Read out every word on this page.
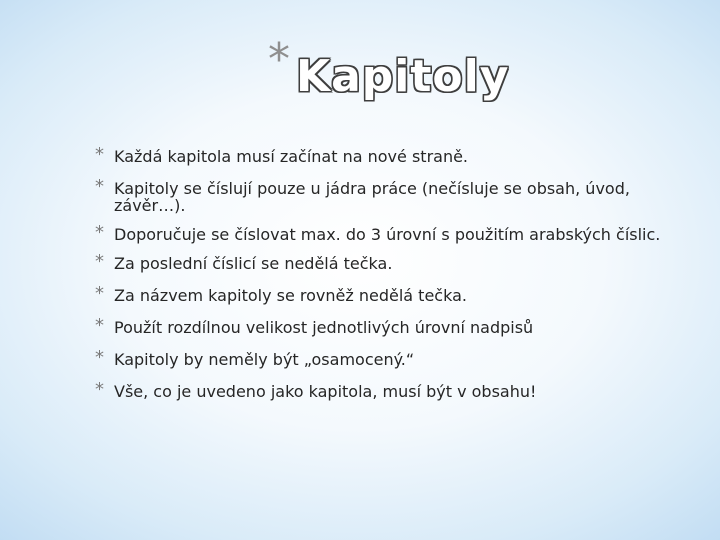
* Kapitoly
* Každá kapitola musí začínat na nové straně.
* Kapitoly se číslují pouze u jádra práce (nečísluje se obsah, úvod, závěr…).
* Doporučuje se číslovat max. do 3 úrovní s použitím arabských číslic.
* Za poslední číslicí se nedělá tečka.
* Za názvem kapitoly se rovněž nedělá tečka.
* Použít rozdílnou velikost jednotlivých úrovní nadpisů
* Kapitoly by neměly být „osamocený.“
* Vše, co je uvedeno jako kapitola, musí být v obsahu!
